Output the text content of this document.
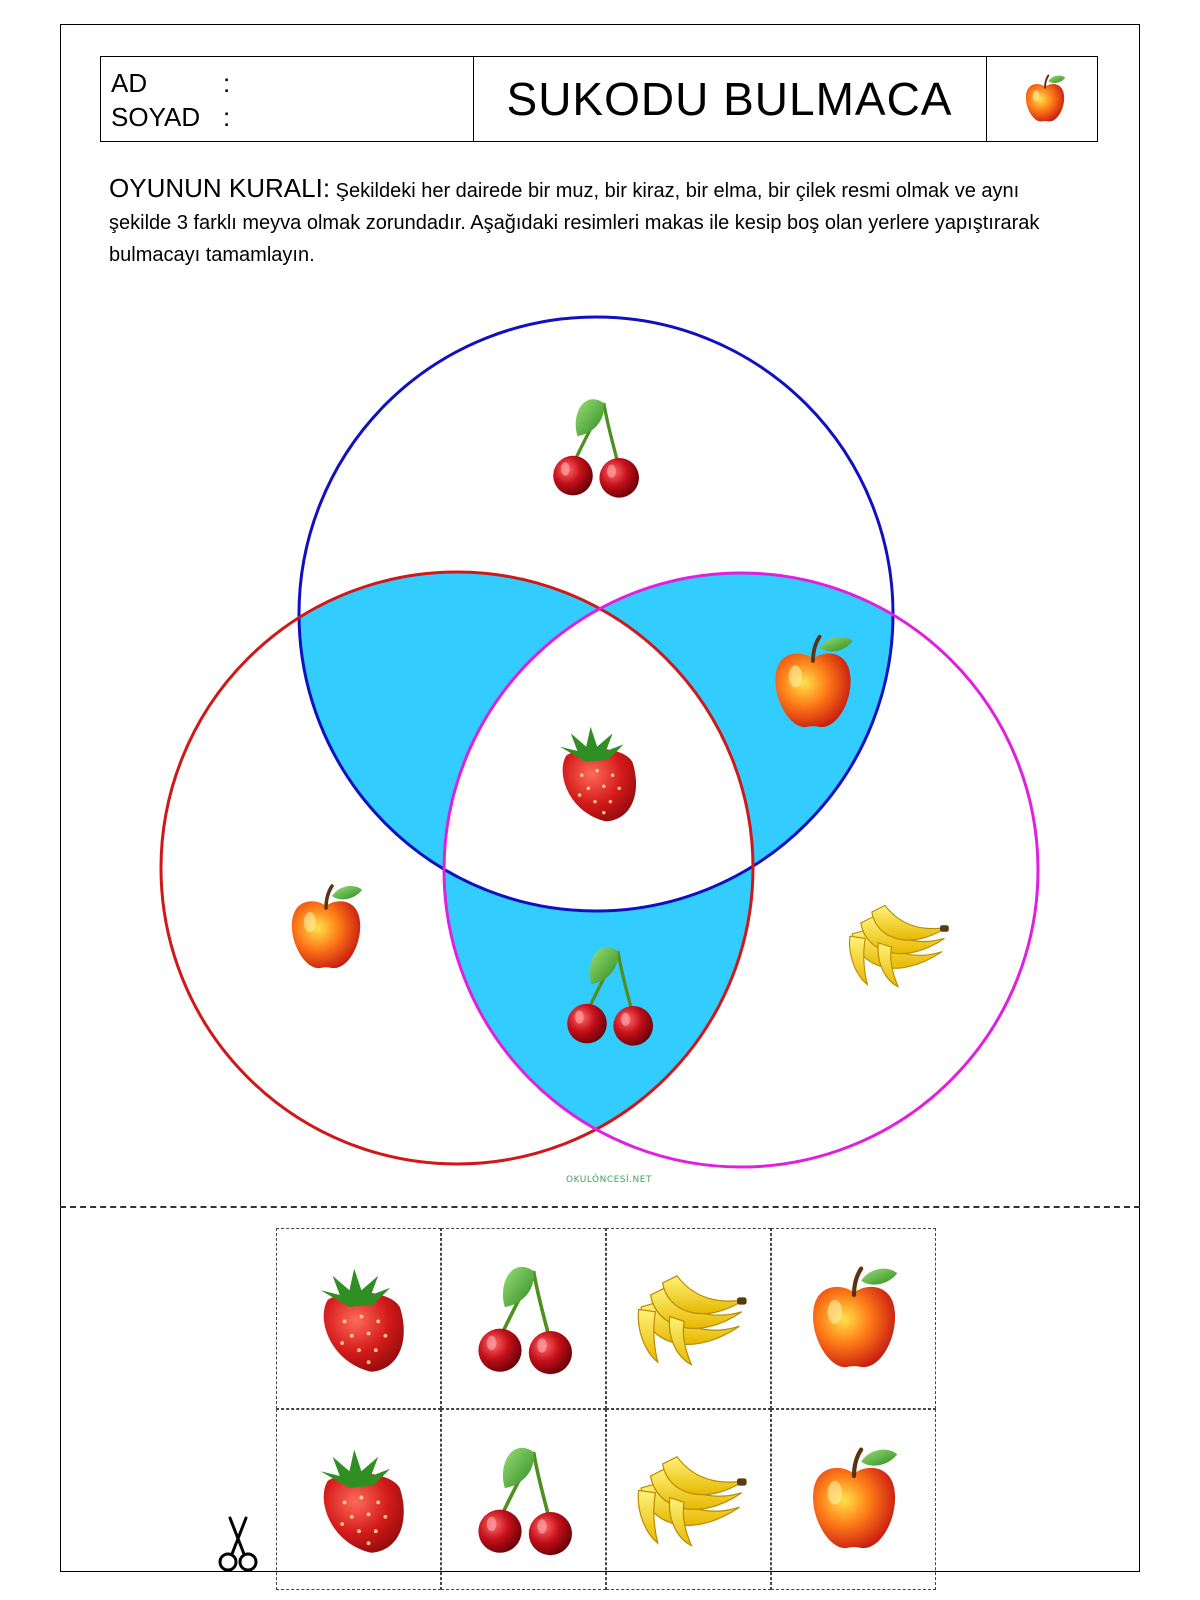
AD	:
SOYAD :	SUKODU BULMACA
OYUNUN KURALI: Şekildeki her dairede bir muz, bir kiraz, bir elma, bir çilek resmi olmak ve aynı şekilde 3 farklı meyva olmak zorundadır. Aşağıdaki resimleri makas ile kesip boş olan yerlere yapıştırarak bulmacayı tamamlayın.
OKULÖNCESİ.NET
